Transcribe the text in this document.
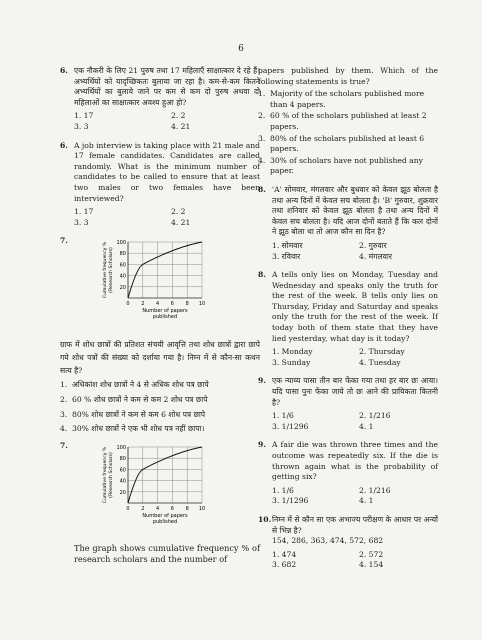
6
6. एक नौकरी के लिए 21 पुरुष तथा 17 महिलाएँ साक्षात्कार दे रहे हैं। अभ्यर्थियों को यादृच्छिकतः बुलाया जा रहा है। कम-से-कम कितने अभ्यर्थियों का बुलाये जाने पर कम से कम दो पुरुष अथवा दो महिलाओं का साक्षात्कार अवश्य हुआ हो?
1. 17	2. 2
3. 3	4. 21
6. A job interview is taking place with 21 male and 17 female candidates. Candidates are called randomly. What is the minimum number of candidates to be called to ensure that at least two males or two females have been interviewed?
1. 17	2. 2
3. 3	4. 21
7.
20
40
60
80
100
0 2 4 6 8 10
Cumulative frequency % (Research Scholars)
Number of papers
published
ग्राफ में शोध छात्रों की प्रतिशत संचयी आवृत्ति तथा शोध छात्रों द्वारा छापे गये शोध पत्रों की संख्या को दर्शाया गया है। निम्न में से कौन-सा कथन सत्य है?
1. अधिकांश शोध छात्रों ने 4 से अधिक शोध पत्र छापे
2. 60 % शोध छात्रों ने कम से कम 2 शोध पत्र छापे
3. 80% शोध छात्रों ने कम से कम 6 शोध पत्र छापे
4. 30% शोध छात्रों ने एक भी शोध पत्र नहीं छापा।
7.
20
40
60
80
100
0 2 4 6 8 10
Cumulative frequency % (Research Scholars)
Number of papers
published
The graph shows cumulative frequency % of research scholars and the number of
papers published by them. Which of the following statements is true?
1. Majority of the scholars published more than 4 papers.
2. 60 % of the scholars published at least 2 papers.
3. 80% of the scholars published at least 6 papers.
4. 30% of scholars have not published any paper.
8. 'A' सोमवार, मंगलवार और बुधवार को केवल झूठ बोलता है तथा अन्य दिनों में केवल सच बोलता है। 'B' गुरुवार, शुक्रवार तथा शनिवार को केवल झूठ बोलता है तथा अन्य दिनों में केवल सच बोलता है। यदि आज दोनों बताते हैं कि कल दोनों ने झूठ बोला था तो आज कौन सा दिन है?
1. सोमवार	2. गुरुवार
3. रविवार	4. मंगलवार
8. A tells only lies on Monday, Tuesday and Wednesday and speaks only the truth for the rest of the week. B tells only lies on Thursday, Friday and Saturday and speaks only the truth for the rest of the week. If today both of them state that they have lied yesterday, what day is it today?
1. Monday	2. Thursday
3. Sunday	4. Tuesday
9. एक न्याय्य पासा तीन बार फेंका गया तथा हर बार छः आया। यदि पासा पुनः फेंका जाये तो छः आने की प्रायिकता कितनी है?
1. 1/6	2. 1/216
3. 1/1296	4. 1
9. A fair die was thrown three times and the outcome was repeatedly six. If the die is thrown again what is the probability of getting six?
1. 1/6	2. 1/216
3. 1/1296	4. 1
10. निम्न में से कौन सा एक अभाज्य परीक्षण के आधार पर अन्यों से भिन्न है?
154, 286, 363, 474, 572, 682
1. 474	2. 572
3. 682	4. 154
